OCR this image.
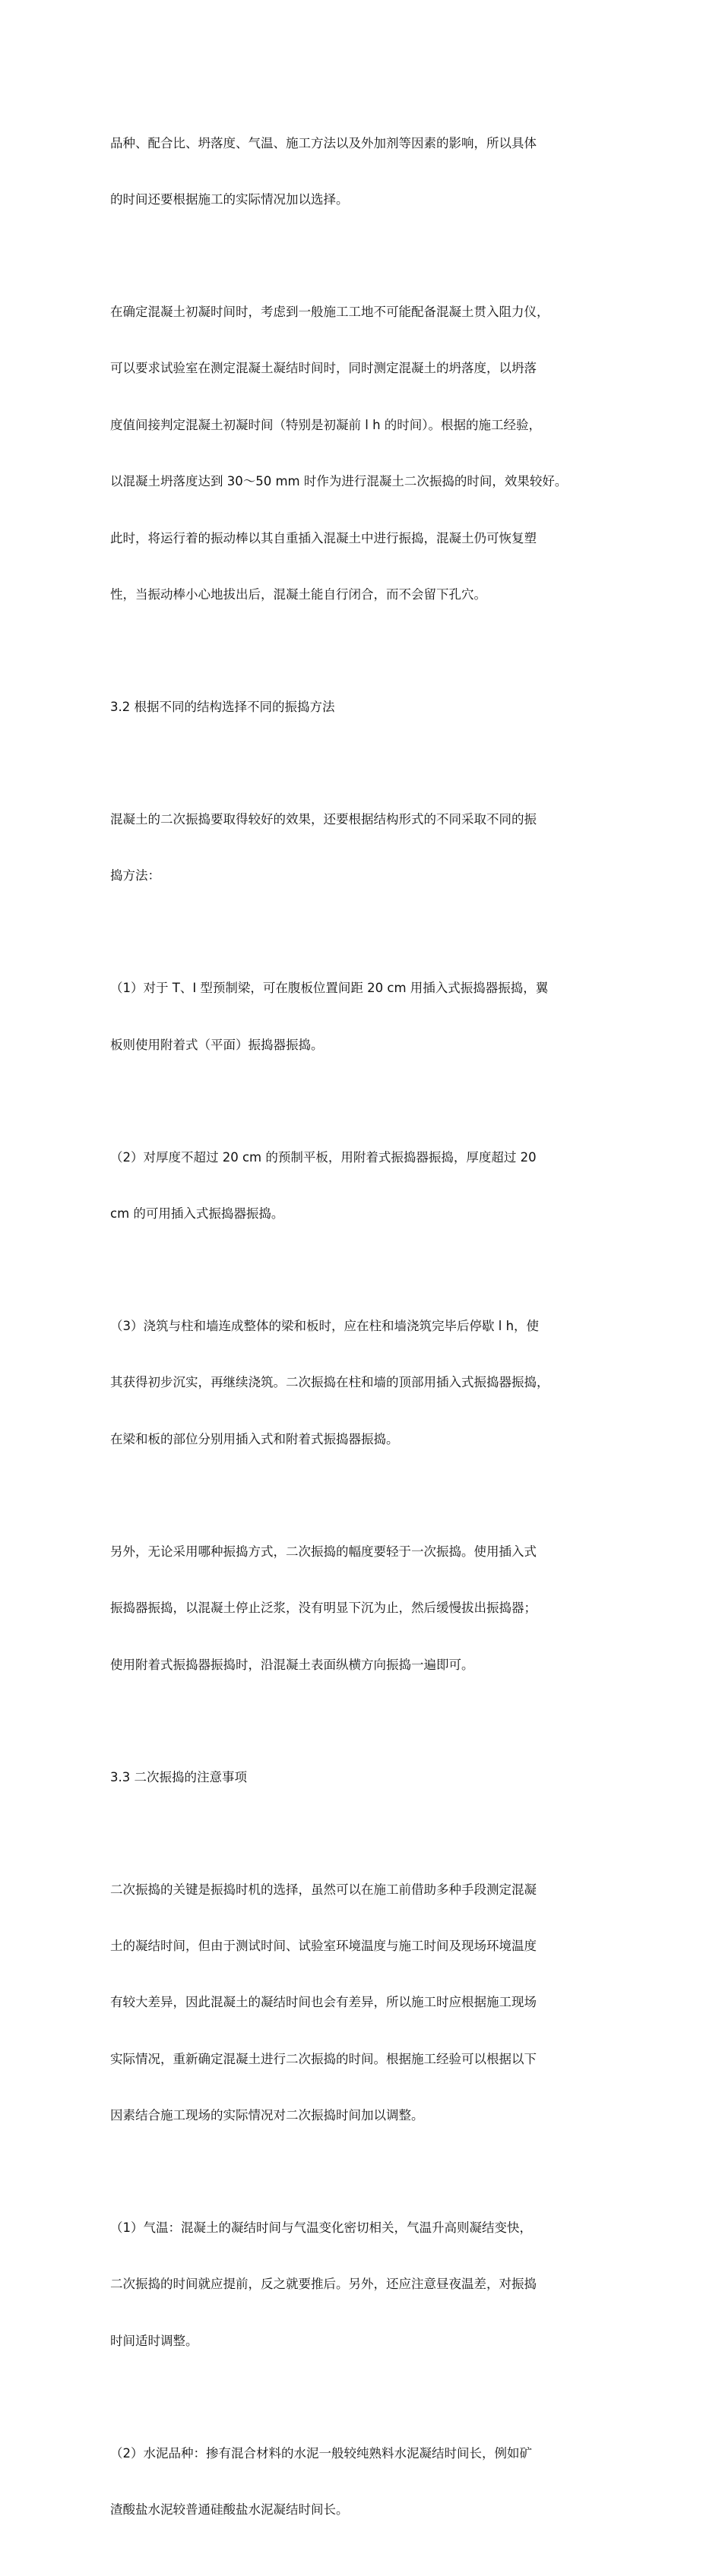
品种、配合比、坍落度、气温、施工方法以及外加剂等因素的影响，所以具体

的时间还要根据施工的实际情况加以选择。

在确定混凝土初凝时间时，考虑到一般施工工地不可能配备混凝土贯入阻力仪，

可以要求试验室在测定混凝土凝结时间时，同时测定混凝土的坍落度，以坍落

度值间接判定混凝土初凝时间（特别是初凝前 l h 的时间）。根据的施工经验，

以混凝土坍落度达到 30～50 mm 时作为进行混凝土二次振捣的时间，效果较好。

此时，将运行着的振动棒以其自重插入混凝土中进行振捣，混凝土仍可恢复塑

性，当振动棒小心地拔出后，混凝土能自行闭合，而不会留下孔穴。

3.2 根据不同的结构选择不同的振捣方法

混凝土的二次振捣要取得较好的效果，还要根据结构形式的不同采取不同的振

捣方法：

（1）对于 T、I 型预制梁，可在腹板位置间距 20 cm 用插入式振捣器振捣，翼

板则使用附着式（平面）振捣器振捣。

（2）对厚度不超过 20 cm 的预制平板，用附着式振捣器振捣，厚度超过 20

cm 的可用插入式振捣器振捣。

（3）浇筑与柱和墙连成整体的梁和板时，应在柱和墙浇筑完毕后停歇 l h，使

其获得初步沉实，再继续浇筑。二次振捣在柱和墙的顶部用插入式振捣器振捣，

在梁和板的部位分别用插入式和附着式振捣器振捣。

另外，无论采用哪种振捣方式，二次振捣的幅度要轻于一次振捣。使用插入式

振捣器振捣，以混凝土停止泛浆，没有明显下沉为止，然后缓慢拔出振捣器；

使用附着式振捣器振捣时，沿混凝土表面纵横方向振捣一遍即可。

3.3 二次振捣的注意事项

二次振捣的关键是振捣时机的选择，虽然可以在施工前借助多种手段测定混凝

土的凝结时间，但由于测试时间、试验室环境温度与施工时间及现场环境温度

有较大差异，因此混凝土的凝结时间也会有差异，所以施工时应根据施工现场

实际情况，重新确定混凝土进行二次振捣的时间。根据施工经验可以根据以下

因素结合施工现场的实际情况对二次振捣时间加以调整。

（1）气温：混凝土的凝结时间与气温变化密切相关，气温升高则凝结变快，

二次振捣的时间就应提前，反之就要推后。另外，还应注意昼夜温差，对振捣

时间适时调整。

（2）水泥品种：掺有混合材料的水泥一般较纯熟料水泥凝结时间长，例如矿

渣酸盐水泥较普通硅酸盐水泥凝结时间长。
